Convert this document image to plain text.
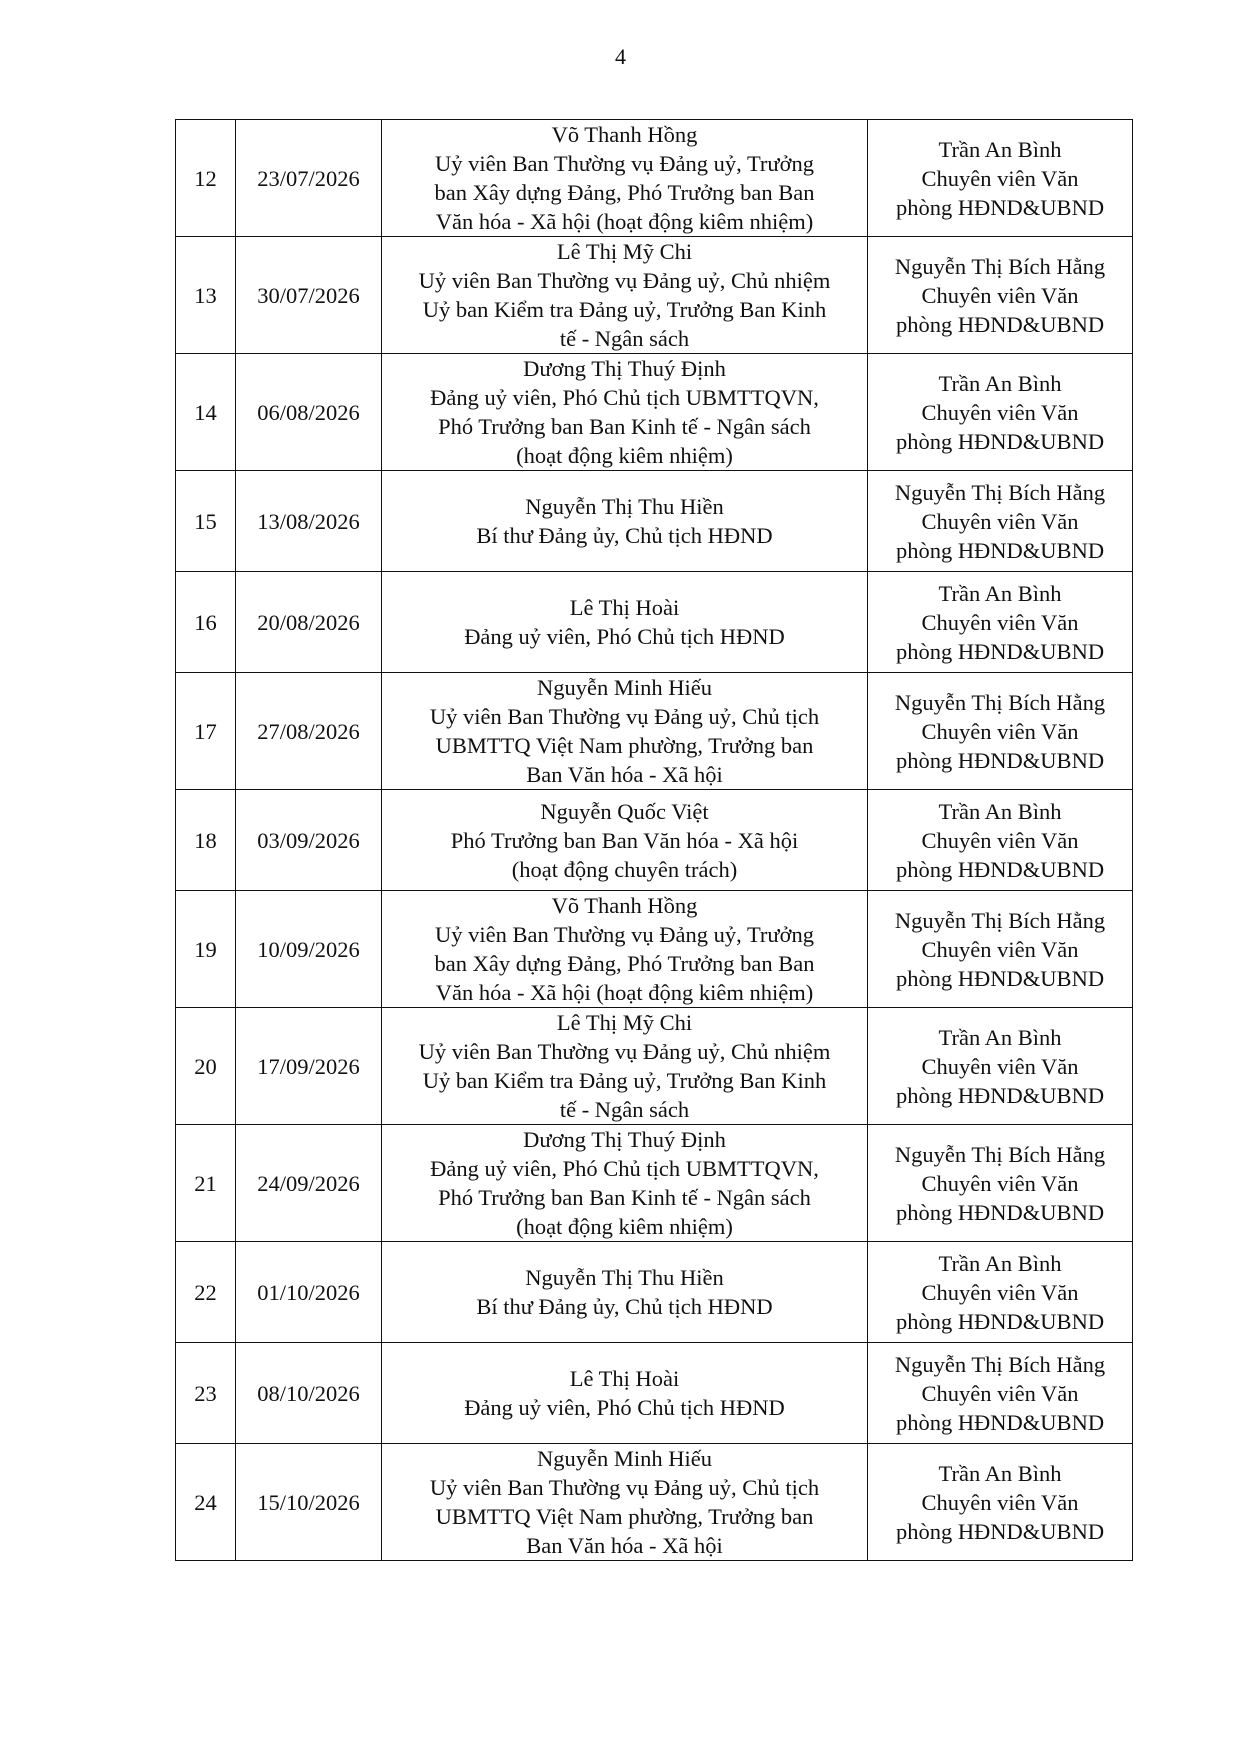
4
12	23/07/2026	Võ Thanh Hồng
Uỷ viên Ban Thường vụ Đảng uỷ, Trưởng
ban Xây dựng Đảng, Phó Trưởng ban Ban
Văn hóa - Xã hội (hoạt động kiêm nhiệm)	Trần An Bình
Chuyên viên Văn
phòng HĐND&UBND

13	30/07/2026	Lê Thị Mỹ Chi
Uỷ viên Ban Thường vụ Đảng uỷ, Chủ nhiệm
Uỷ ban Kiểm tra Đảng uỷ, Trưởng Ban Kinh
tế - Ngân sách	Nguyễn Thị Bích Hằng
Chuyên viên Văn
phòng HĐND&UBND

14	06/08/2026	Dương Thị Thuý Định
Đảng uỷ viên, Phó Chủ tịch UBMTTQVN,
Phó Trưởng ban Ban Kinh tế - Ngân sách
(hoạt động kiêm nhiệm)	Trần An Bình
Chuyên viên Văn
phòng HĐND&UBND

15	13/08/2026	Nguyễn Thị Thu Hiền
Bí thư Đảng ủy, Chủ tịch HĐND	Nguyễn Thị Bích Hằng
Chuyên viên Văn
phòng HĐND&UBND

16	20/08/2026	Lê Thị Hoài
Đảng uỷ viên, Phó Chủ tịch HĐND	Trần An Bình
Chuyên viên Văn
phòng HĐND&UBND

17	27/08/2026	Nguyễn Minh Hiếu
Uỷ viên Ban Thường vụ Đảng uỷ, Chủ tịch
UBMTTQ Việt Nam phường, Trưởng ban
Ban Văn hóa - Xã hội	Nguyễn Thị Bích Hằng
Chuyên viên Văn
phòng HĐND&UBND

18	03/09/2026	Nguyễn Quốc Việt
Phó Trưởng ban Ban Văn hóa - Xã hội
(hoạt động chuyên trách)	Trần An Bình
Chuyên viên Văn
phòng HĐND&UBND

19	10/09/2026	Võ Thanh Hồng
Uỷ viên Ban Thường vụ Đảng uỷ, Trưởng
ban Xây dựng Đảng, Phó Trưởng ban Ban
Văn hóa - Xã hội (hoạt động kiêm nhiệm)	Nguyễn Thị Bích Hằng
Chuyên viên Văn
phòng HĐND&UBND

20	17/09/2026	Lê Thị Mỹ Chi
Uỷ viên Ban Thường vụ Đảng uỷ, Chủ nhiệm
Uỷ ban Kiểm tra Đảng uỷ, Trưởng Ban Kinh
tế - Ngân sách	Trần An Bình
Chuyên viên Văn
phòng HĐND&UBND

21	24/09/2026	Dương Thị Thuý Định
Đảng uỷ viên, Phó Chủ tịch UBMTTQVN,
Phó Trưởng ban Ban Kinh tế - Ngân sách
(hoạt động kiêm nhiệm)	Nguyễn Thị Bích Hằng
Chuyên viên Văn
phòng HĐND&UBND

22	01/10/2026	Nguyễn Thị Thu Hiền
Bí thư Đảng ủy, Chủ tịch HĐND	Trần An Bình
Chuyên viên Văn
phòng HĐND&UBND

23	08/10/2026	Lê Thị Hoài
Đảng uỷ viên, Phó Chủ tịch HĐND	Nguyễn Thị Bích Hằng
Chuyên viên Văn
phòng HĐND&UBND

24	15/10/2026	Nguyễn Minh Hiếu
Uỷ viên Ban Thường vụ Đảng uỷ, Chủ tịch
UBMTTQ Việt Nam phường, Trưởng ban
Ban Văn hóa - Xã hội	Trần An Bình
Chuyên viên Văn
phòng HĐND&UBND
